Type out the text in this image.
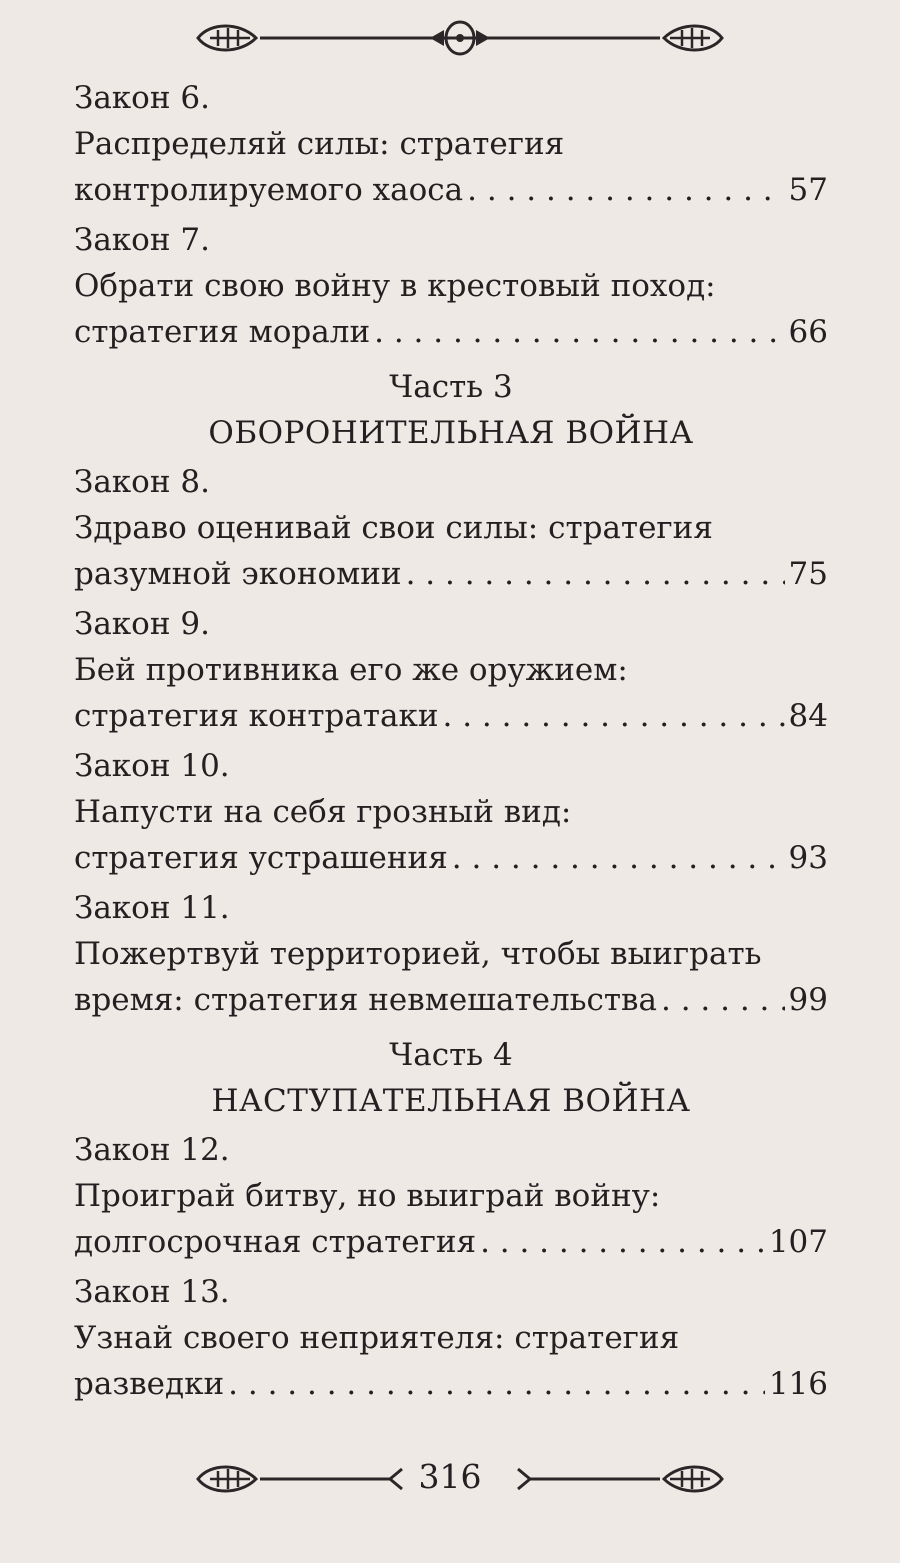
Закон 6.
Распределяй силы: стратегия
контролируемого хаоса . . .	57
Закон 7.
Обрати свою войну в крестовый поход:
стратегия морали . . .	66
Часть 3
ОБОРОНИТЕЛЬНАЯ ВОЙНА
Закон 8.
Здраво оценивай свои силы: стратегия
разумной экономии . . .	75
Закон 9.
Бей противника его же оружием:
стратегия контратаки . . .	84
Закон 10.
Напусти на себя грозный вид:
стратегия устрашения . . .	93
Закон 11.
Пожертвуй территорией, чтобы выиграть
время: стратегия невмешательства . . .	99
Часть 4
НАСТУПАТЕЛЬНАЯ ВОЙНА
Закон 12.
Проиграй битву, но выиграй войну:
долгосрочная стратегия . . .	107
Закон 13.
Узнай своего неприятеля: стратегия
разведки . . .	116
316
